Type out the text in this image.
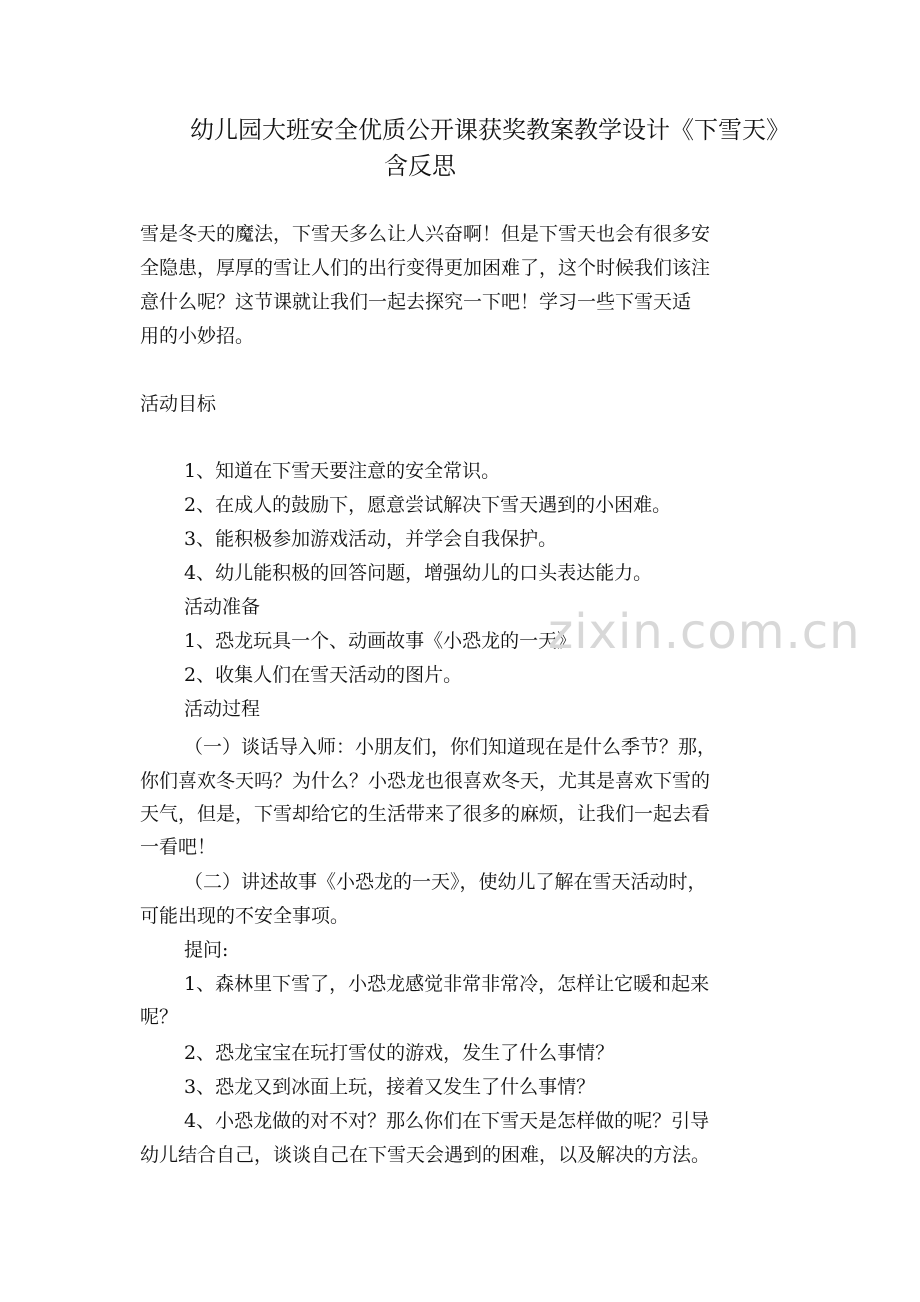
幼儿园大班安全优质公开课获奖教案教学设计《下雪天》
含反思
雪是冬天的魔法，下雪天多么让人兴奋啊！但是下雪天也会有很多安
全隐患，厚厚的雪让人们的出行变得更加困难了，这个时候我们该注
意什么呢？这节课就让我们一起去探究一下吧！学习一些下雪天适
用的小妙招。
活动目标
1、知道在下雪天要注意的安全常识。
2、在成人的鼓励下，愿意尝试解决下雪天遇到的小困难。
3、能积极参加游戏活动，并学会自我保护。
4、幼儿能积极的回答问题，增强幼儿的口头表达能力。
活动准备
1、恐龙玩具一个、动画故事《小恐龙的一天》
2、收集人们在雪天活动的图片。
活动过程
（一）谈话导入师：小朋友们，你们知道现在是什么季节？那，
你们喜欢冬天吗？为什么？小恐龙也很喜欢冬天，尤其是喜欢下雪的
天气，但是，下雪却给它的生活带来了很多的麻烦，让我们一起去看
一看吧！
（二）讲述故事《小恐龙的一天》，使幼儿了解在雪天活动时，
可能出现的不安全事项。
提问:
1、森林里下雪了，小恐龙感觉非常非常冷，怎样让它暖和起来
呢？
2、恐龙宝宝在玩打雪仗的游戏，发生了什么事情？
3、恐龙又到冰面上玩，接着又发生了什么事情？
4、小恐龙做的对不对？那么你们在下雪天是怎样做的呢？引导
幼儿结合自己，谈谈自己在下雪天会遇到的困难，以及解决的方法。
zixin.com.cn
